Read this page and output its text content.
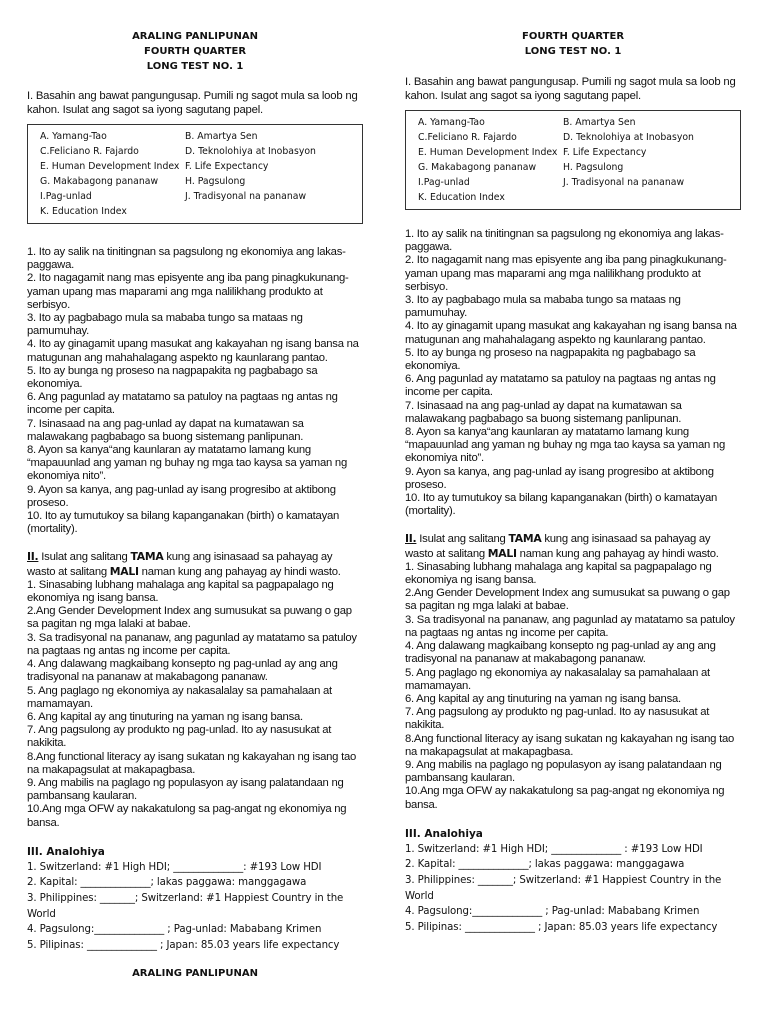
ARALING PANLIPUNAN
FOURTH QUARTER
LONG TEST NO. 1
I. Basahin ang bawat pangungusap. Pumili ng sagot mula sa loob ng kahon. Isulat ang sagot sa iyong sagutang papel.
A. Yamang-Tao	B. Amartya Sen
C.Feliciano R. Fajardo	D. Teknolohiya at Inobasyon
E. Human Development Index F. Life Expectancy
G. Makabagong pananaw	H. Pagsulong
I.Pag-unlad	J. Tradisyonal na pananaw
K. Education Index
1. Ito ay salik na tinitingnan sa pagsulong ng ekonomiya ang lakas-paggawa.
2. Ito nagagamit nang mas episyente ang iba pang pinagkukunang-yaman upang mas maparami ang mga nalilikhang produkto at serbisyo.
3. Ito ay pagbabago mula sa mababa tungo sa mataas ng pamumuhay.
4. Ito ay ginagamit upang masukat ang kakayahan ng isang bansa na matugunan ang mahahalagang aspekto ng kaunlarang pantao.
5. Ito ay bunga ng proseso na nagpapakita ng pagbabago sa ekonomiya.
6. Ang pagunlad ay matatamo sa patuloy na pagtaas ng antas ng income per capita.
7. Isinasaad na ang pag-unlad ay dapat na kumatawan sa malawakang pagbabago sa buong sistemang panlipunan.
8. Ayon sa kanya“ang kaunlaran ay matatamo lamang kung “mapauunlad ang yaman ng buhay ng mga tao kaysa sa yaman ng ekonomiya nito”.
9. Ayon sa kanya, ang pag-unlad ay isang progresibo at aktibong proseso.
10. Ito ay tumutukoy sa bilang kapanganakan (birth) o kamatayan (mortality).
II. Isulat ang salitang TAMA kung ang isinasaad sa pahayag ay wasto at salitang MALI naman kung ang pahayag ay hindi wasto.
1. Sinasabing lubhang mahalaga ang kapital sa pagpapalago ng ekonomiya ng isang bansa.
2.Ang Gender Development Index ang sumusukat sa puwang o gap sa pagitan ng mga lalaki at babae.
3. Sa tradisyonal na pananaw, ang pagunlad ay matatamo sa patuloy na pagtaas ng antas ng income per capita.
4. Ang dalawang magkaibang konsepto ng pag-unlad ay ang ang tradisyonal na pananaw at makabagong pananaw.
5. Ang paglago ng ekonomiya ay nakasalalay sa pamahalaan at mamamayan.
6. Ang kapital ay ang tinuturing na yaman ng isang bansa.
7. Ang pagsulong ay produkto ng pag-unlad. Ito ay nasusukat at nakikita.
8.Ang functional literacy ay isang sukatan ng kakayahan ng isang tao na makapagsulat at makapagbasa.
9. Ang mabilis na paglago ng populasyon ay isang palatandaan ng pambansang kaularan.
10.Ang mga OFW ay nakakatulong sa pag-angat ng ekonomiya ng bansa.
III. Analohiya
1. Switzerland: #1 High HDI; ______________: #193 Low HDI
2. Kapital: ______________; lakas paggawa: manggagawa
3. Philippines: _______; Switzerland: #1 Happiest Country in the World
4. Pagsulong:______________ ; Pag-unlad: Mababang Krimen
5. Pilipinas: ______________ ; Japan: 85.03 years life expectancy
ARALING PANLIPUNAN
FOURTH QUARTER
LONG TEST NO. 1
I. Basahin ang bawat pangungusap. Pumili ng sagot mula sa loob ng kahon. Isulat ang sagot sa iyong sagutang papel.
A. Yamang-Tao	B. Amartya Sen
C.Feliciano R. Fajardo	D. Teknolohiya at Inobasyon
E. Human Development Index F. Life Expectancy
G. Makabagong pananaw	H. Pagsulong
I.Pag-unlad	J. Tradisyonal na pananaw
K. Education Index
1. Ito ay salik na tinitingnan sa pagsulong ng ekonomiya ang lakas-paggawa.
2. Ito nagagamit nang mas episyente ang iba pang pinagkukunang-yaman upang mas maparami ang mga nalilikhang produkto at serbisyo.
3. Ito ay pagbabago mula sa mababa tungo sa mataas ng pamumuhay.
4. Ito ay ginagamit upang masukat ang kakayahan ng isang bansa na matugunan ang mahahalagang aspekto ng kaunlarang pantao.
5. Ito ay bunga ng proseso na nagpapakita ng pagbabago sa ekonomiya.
6. Ang pagunlad ay matatamo sa patuloy na pagtaas ng antas ng income per capita.
7. Isinasaad na ang pag-unlad ay dapat na kumatawan sa malawakang pagbabago sa buong sistemang panlipunan.
8. Ayon sa kanya“ang kaunlaran ay matatamo lamang kung “mapauunlad ang yaman ng buhay ng mga tao kaysa sa yaman ng ekonomiya nito”.
9. Ayon sa kanya, ang pag-unlad ay isang progresibo at aktibong proseso.
10. Ito ay tumutukoy sa bilang kapanganakan (birth) o kamatayan (mortality).
II. Isulat ang salitang TAMA kung ang isinasaad sa pahayag ay wasto at salitang MALI naman kung ang pahayag ay hindi wasto.
1. Sinasabing lubhang mahalaga ang kapital sa pagpapalago ng ekonomiya ng isang bansa.
2.Ang Gender Development Index ang sumusukat sa puwang o gap sa pagitan ng mga lalaki at babae.
3. Sa tradisyonal na pananaw, ang pagunlad ay matatamo sa patuloy na pagtaas ng antas ng income per capita.
4. Ang dalawang magkaibang konsepto ng pag-unlad ay ang ang tradisyonal na pananaw at makabagong pananaw.
5. Ang paglago ng ekonomiya ay nakasalalay sa pamahalaan at mamamayan.
6. Ang kapital ay ang tinuturing na yaman ng isang bansa.
7. Ang pagsulong ay produkto ng pag-unlad. Ito ay nasusukat at nakikita.
8.Ang functional literacy ay isang sukatan ng kakayahan ng isang tao na makapagsulat at makapagbasa.
9. Ang mabilis na paglago ng populasyon ay isang palatandaan ng pambansang kaularan.
10.Ang mga OFW ay nakakatulong sa pag-angat ng ekonomiya ng bansa.
III. Analohiya
1. Switzerland: #1 High HDI; ______________ : #193 Low HDI
2. Kapital: ______________; lakas paggawa: manggagawa
3. Philippines: _______; Switzerland: #1 Happiest Country in the World
4. Pagsulong:______________ ; Pag-unlad: Mababang Krimen
5. Pilipinas: ______________ ; Japan: 85.03 years life expectancy
